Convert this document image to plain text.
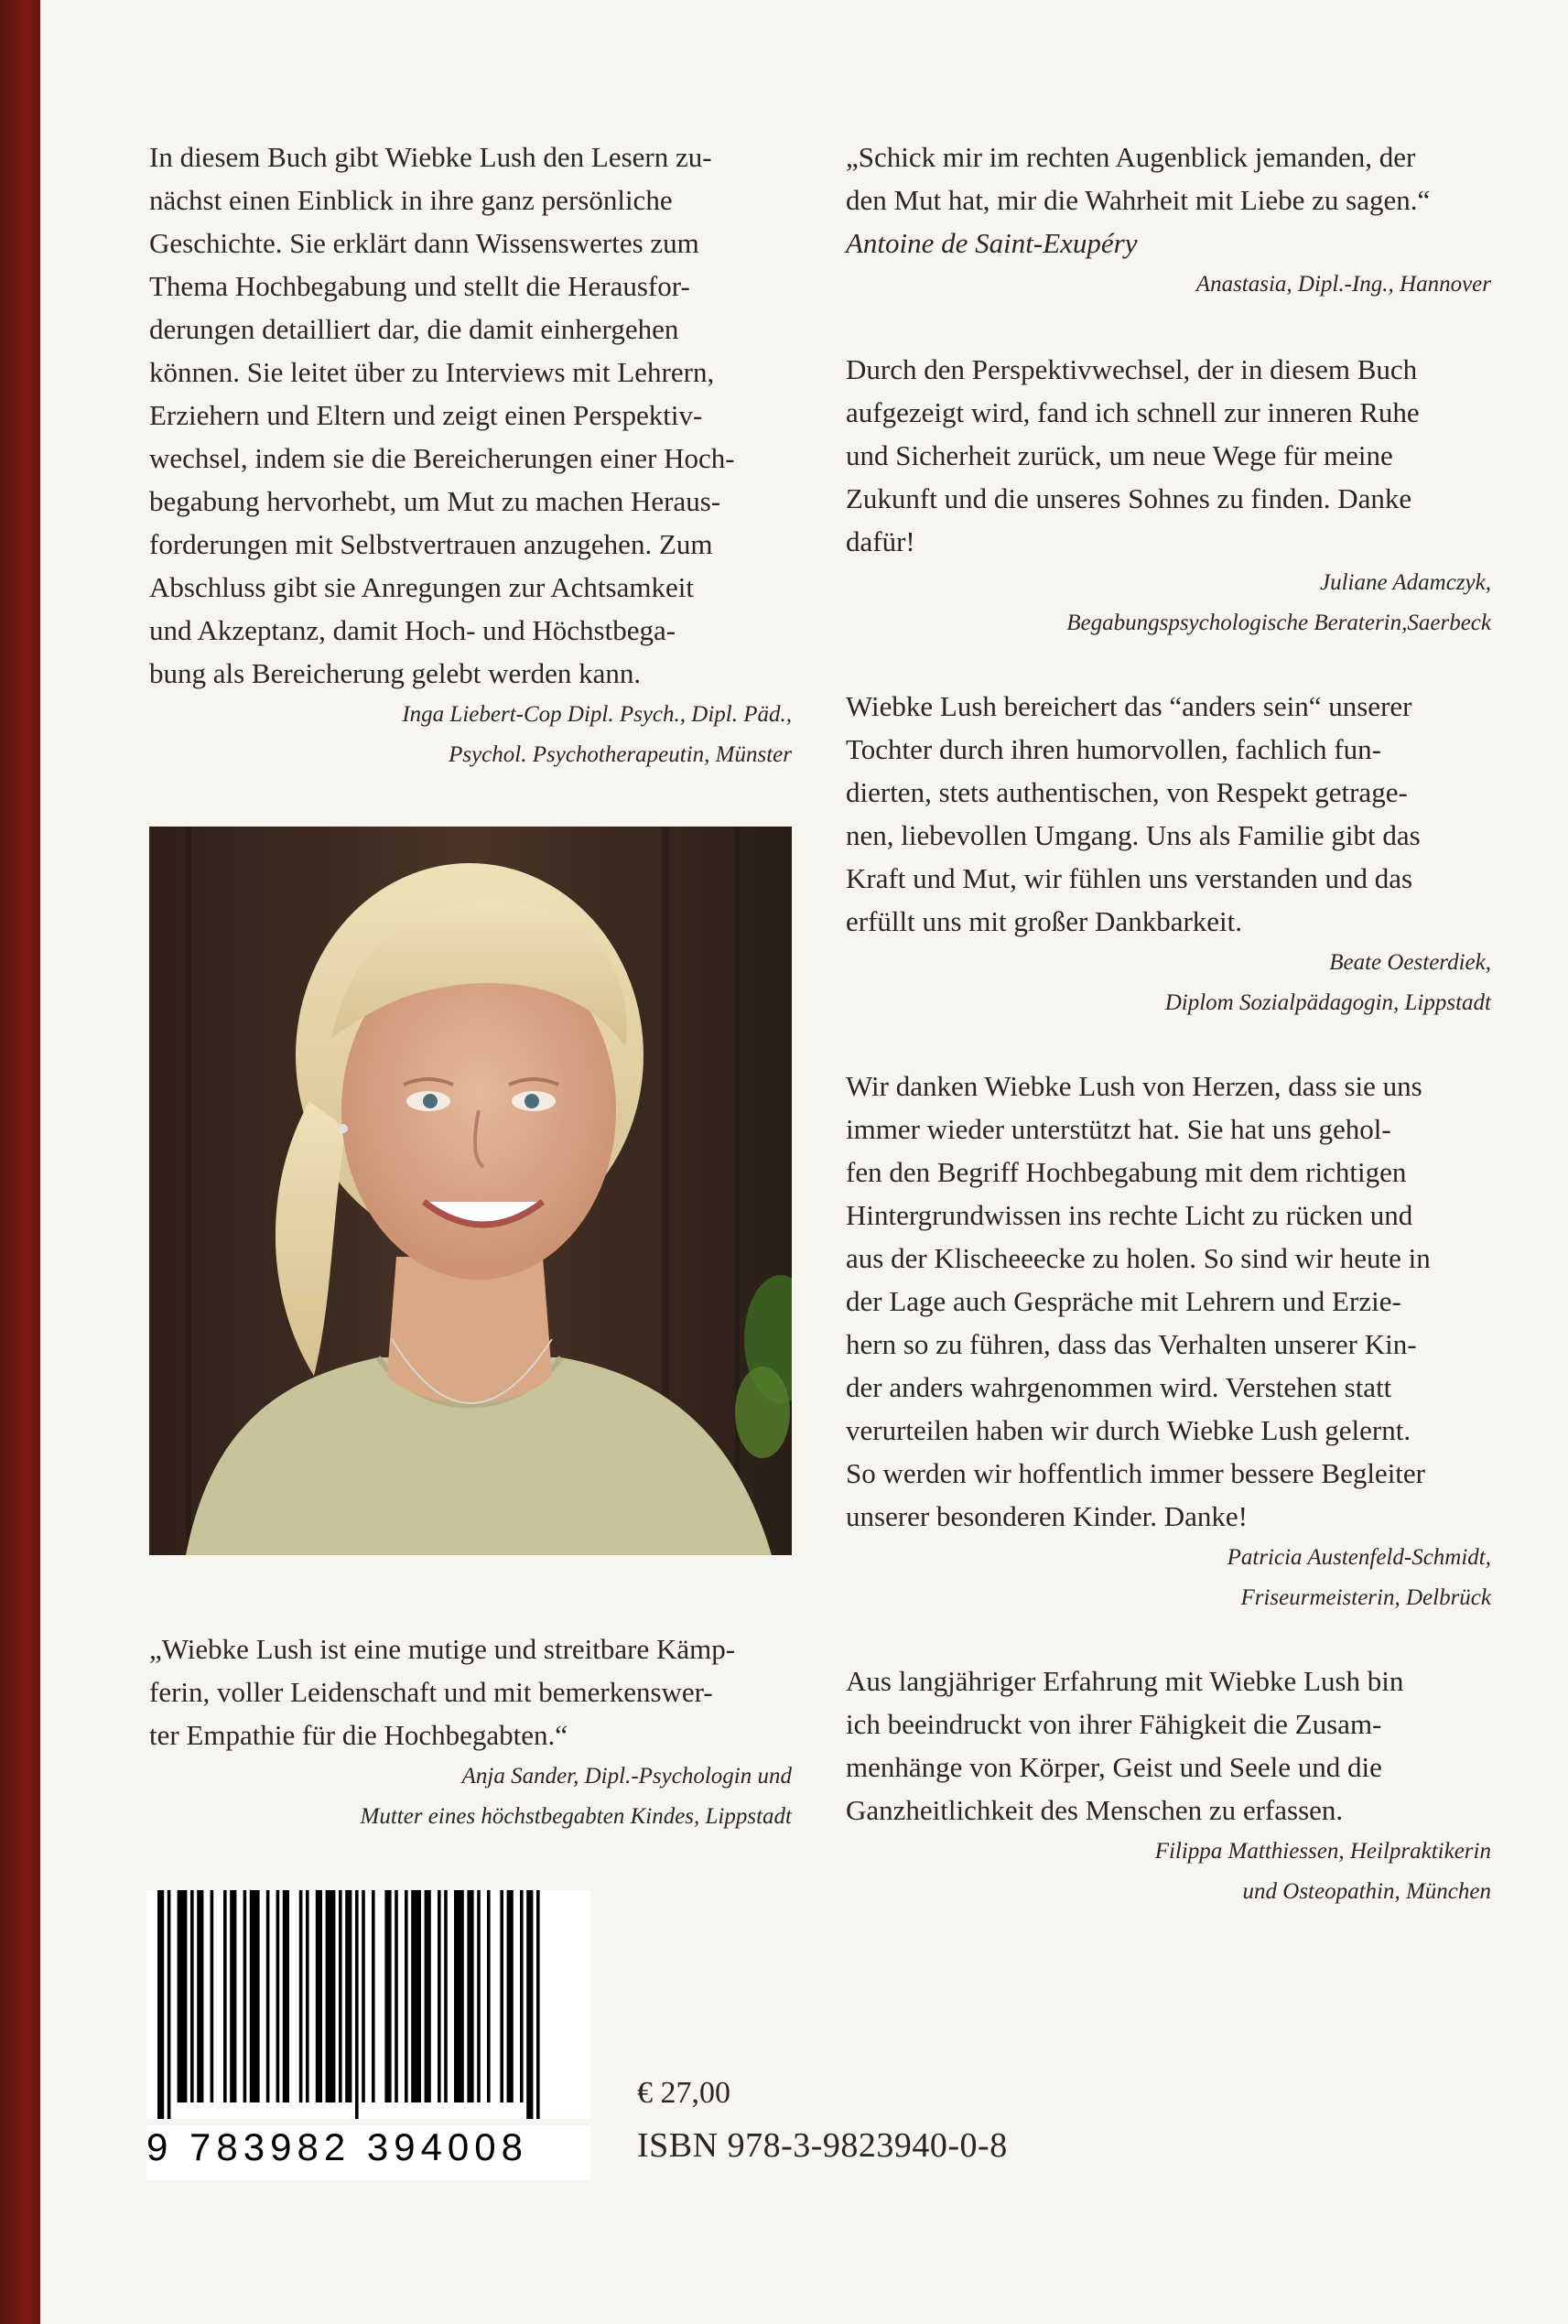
In diesem Buch gibt Wiebke Lush den Lesern zu-

nächst einen Einblick in ihre ganz persönliche

Geschichte. Sie erklärt dann Wissenswertes zum

Thema Hochbegabung und stellt die Herausfor-

derungen detailliert dar, die damit einhergehen

können. Sie leitet über zu Interviews mit Lehrern,

Erziehern und Eltern und zeigt einen Perspektiv-

wechsel, indem sie die Bereicherungen einer Hoch-

begabung hervorhebt, um Mut zu machen Heraus-

forderungen mit Selbstvertrauen anzugehen. Zum

Abschluss gibt sie Anregungen zur Achtsamkeit

und Akzeptanz, damit Hoch- und Höchstbega-

bung als Bereicherung gelebt werden kann.

Inga Liebert-Cop Dipl. Psych., Dipl. Päd.,

Psychol. Psychotherapeutin, Münster

„Wiebke Lush ist eine mutige und streitbare Kämp-

ferin, voller Leidenschaft und mit bemerkenswer-

ter Empathie für die Hochbegabten.“

Anja Sander, Dipl.-Psychologin und

Mutter eines höchstbegabten Kindes, Lippstadt

„Schick mir im rechten Augenblick jemanden, der

den Mut hat, mir die Wahrheit mit Liebe zu sagen.“

Antoine de Saint-Exupéry

Anastasia, Dipl.-Ing., Hannover

Durch den Perspektivwechsel, der in diesem Buch

aufgezeigt wird, fand ich schnell zur inneren Ruhe

und Sicherheit zurück, um neue Wege für meine

Zukunft und die unseres Sohnes zu finden. Danke

dafür!

Juliane Adamczyk,

Begabungspsychologische Beraterin,Saerbeck

Wiebke Lush bereichert das “anders sein“ unserer

Tochter durch ihren humorvollen, fachlich fun-

dierten, stets authentischen, von Respekt getrage-

nen, liebevollen Umgang. Uns als Familie gibt das

Kraft und Mut, wir fühlen uns verstanden und das

erfüllt uns mit großer Dankbarkeit.

Beate Oesterdiek,

Diplom Sozialpädagogin, Lippstadt

Wir danken Wiebke Lush von Herzen, dass sie uns

immer wieder unterstützt hat. Sie hat uns gehol-

fen den Begriff Hochbegabung mit dem richtigen

Hintergrundwissen ins rechte Licht zu rücken und

aus der Klischeeecke zu holen. So sind wir heute in

der Lage auch Gespräche mit Lehrern und Erzie-

hern so zu führen, dass das Verhalten unserer Kin-

der anders wahrgenommen wird. Verstehen statt

verurteilen haben wir durch Wiebke Lush gelernt.

So werden wir hoffentlich immer bessere Begleiter

unserer besonderen Kinder. Danke!

Patricia Austenfeld-Schmidt,

Friseurmeisterin, Delbrück

Aus langjähriger Erfahrung mit Wiebke Lush bin

ich beeindruckt von ihrer Fähigkeit die Zusam-

menhänge von Körper, Geist und Seele und die

Ganzheitlichkeit des Menschen zu erfassen.

Filippa Matthiessen, Heilpraktikerin

und Osteopathin, München

9 783982 394008
€ 27,00
ISBN 978-3-9823940-0-8
